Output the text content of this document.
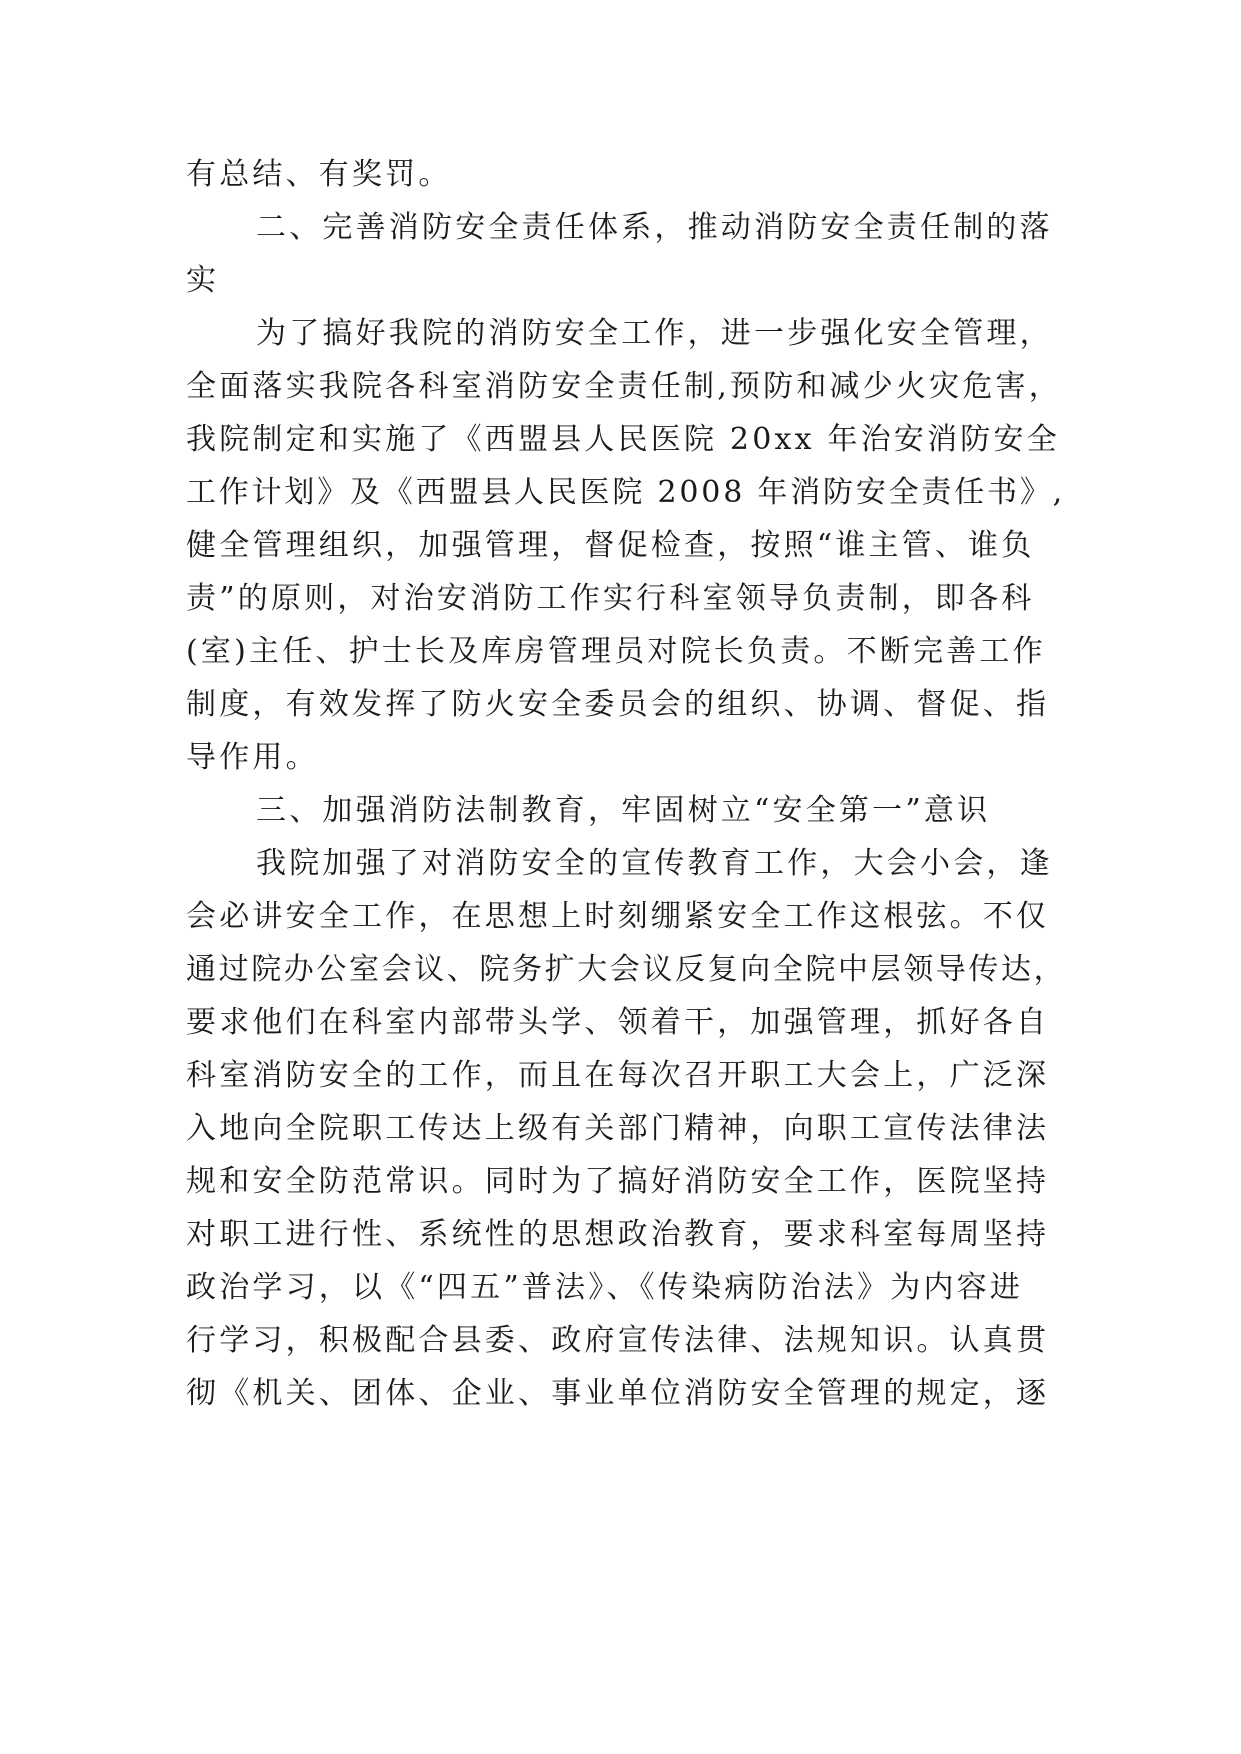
有总结、有奖罚。
二、完善消防安全责任体系，推动消防安全责任制的落
实
为了搞好我院的消防安全工作，进一步强化安全管理，
全面落实我院各科室消防安全责任制,预防和减少火灾危害，
我院制定和实施了《西盟县人民医院 20xx 年治安消防安全
工作计划》及《西盟县人民医院 2008 年消防安全责任书》,
健全管理组织，加强管理，督促检查，按照“谁主管、谁负
责”的原则，对治安消防工作实行科室领导负责制，即各科
(室)主任、护士长及库房管理员对院长负责。不断完善工作
制度，有效发挥了防火安全委员会的组织、协调、督促、指
导作用。
三、加强消防法制教育，牢固树立“安全第一”意识
我院加强了对消防安全的宣传教育工作，大会小会，逢
会必讲安全工作，在思想上时刻绷紧安全工作这根弦。不仅
通过院办公室会议、院务扩大会议反复向全院中层领导传达，
要求他们在科室内部带头学、领着干，加强管理，抓好各自
科室消防安全的工作，而且在每次召开职工大会上，广泛深
入地向全院职工传达上级有关部门精神，向职工宣传法律法
规和安全防范常识。同时为了搞好消防安全工作，医院坚持
对职工进行性、系统性的思想政治教育，要求科室每周坚持
政治学习，以《“四五”普法》、《传染病防治法》为内容进
行学习，积极配合县委、政府宣传法律、法规知识。认真贯
彻《机关、团体、企业、事业单位消防安全管理的规定，逐
